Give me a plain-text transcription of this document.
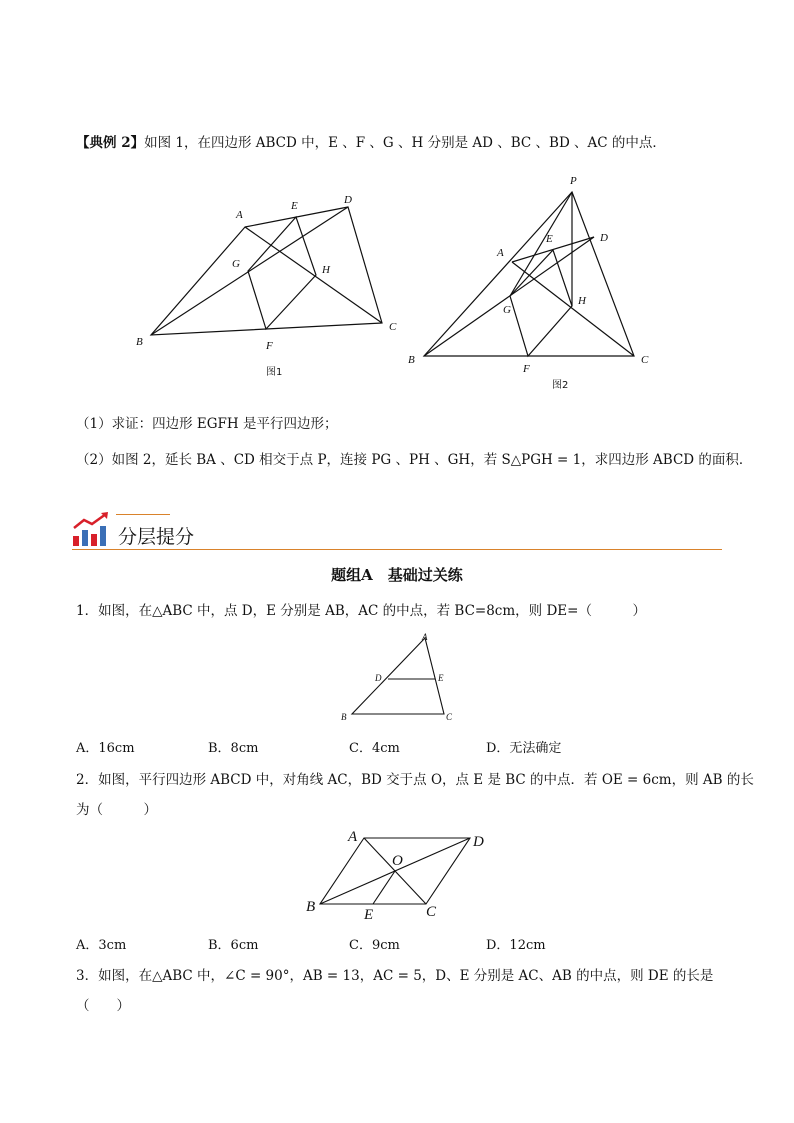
【典例 2】如图 1，在四边形 ABCD 中，E 、F 、G 、H 分别是 AD 、BC 、BD 、AC 的中点．
A
B
C
D
E
F
G	H
图1
P
A
B	C
D
E
F
G
H
图2
（1）求证：四边形 EGFH 是平行四边形；
（2）如图 2，延长 BA 、CD 相交于点 P，连接 PG 、PH 、GH，若 S△PGH = 1，求四边形 ABCD 的面积．
分层提分
题组A　基础过关练
1．如图，在△ABC 中，点 D，E 分别是 AB，AC 的中点，若 BC=8cm，则 DE=（　　　）
A
B	C
D	E
A．16cm	B．8cm	C．4cm	D．无法确定
2．如图，平行四边形 ABCD 中，对角线 AC，BD 交于点 O，点 E 是 BC 的中点．若 OE = 6cm，则 AB 的长
为（　　　）
A
B	C
D
E
O
A．3cm	B．6cm	C．9cm	D．12cm
3．如图，在△ABC 中，∠C = 90°，AB = 13，AC = 5，D、E 分别是 AC、AB 的中点，则 DE 的长是
（　　）
